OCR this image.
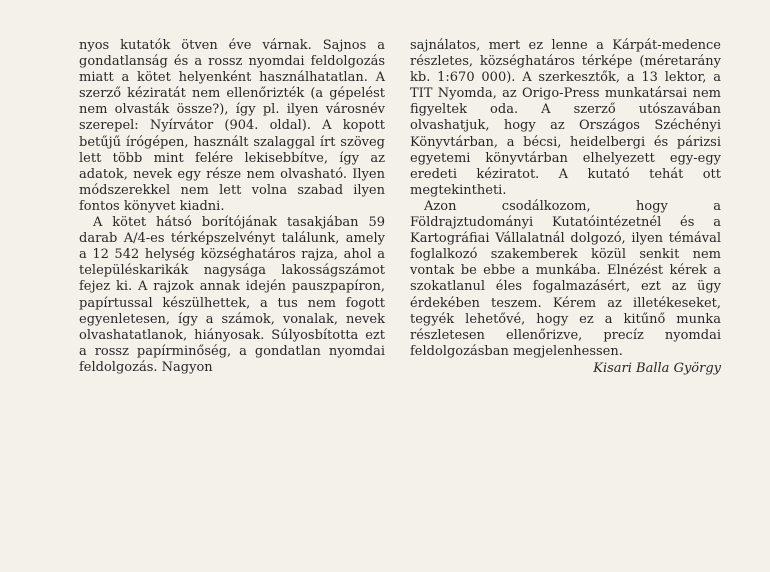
nyos kutatók ötven éve várnak. Sajnos a gondatlanság és a rossz nyomdai feldolgozás miatt a kötet helyenként használhatatlan. A szerző kéziratát nem ellenőrizték (a gépelést nem olvasták össze?), így pl. ilyen városnév szerepel: Nyírvátor (904. oldal). A kopott betűjű írógépen, használt szalaggal írt szöveg lett több mint felére lekisebbítve, így az adatok, nevek egy része nem olvasható. Ilyen módszerekkel nem lett volna szabad ilyen fontos könyvet kiadni.

A kötet hátsó borítójának tasakjában 59 darab A/4-es térképszelvényt találunk, amely a 12 542 helység községhatáros rajza, ahol a településkarikák nagysága lakosságszámot fejez ki. A rajzok annak idején pauszpapíron, papírtussal készülhettek, a tus nem fogott egyenletesen, így a számok, vonalak, nevek olvashatatlanok, hiányosak. Súlyosbította ezt a rossz papírminőség, a gondatlan nyomdai feldolgozás. Nagyon

sajnálatos, mert ez lenne a Kárpát-medence részletes, községhatáros térképe (méretarány kb. 1:670 000). A szerkesztők, a 13 lektor, a TIT Nyomda, az Origo-Press munkatársai nem figyeltek oda. A szerző utószavában olvashatjuk, hogy az Országos Széchényi Könyvtárban, a bécsi, heidelbergi és párizsi egyetemi könyvtárban elhelyezett egy-egy eredeti kéziratot. A kutató tehát ott megtekintheti.

Azon csodálkozom, hogy a Földrajztudományi Kutatóintézetnél és a Kartográfiai Vállalatnál dolgozó, ilyen témával foglalkozó szakemberek közül senkit nem vontak be ebbe a munkába. Elnézést kérek a szokatlanul éles fogalmazásért, ezt az ügy érdekében teszem. Kérem az illetékeseket, tegyék lehetővé, hogy ez a kitűnő munka részletesen ellenőrizve, precíz nyomdai feldolgozásban megjelenhessen.

Kisari Balla György
